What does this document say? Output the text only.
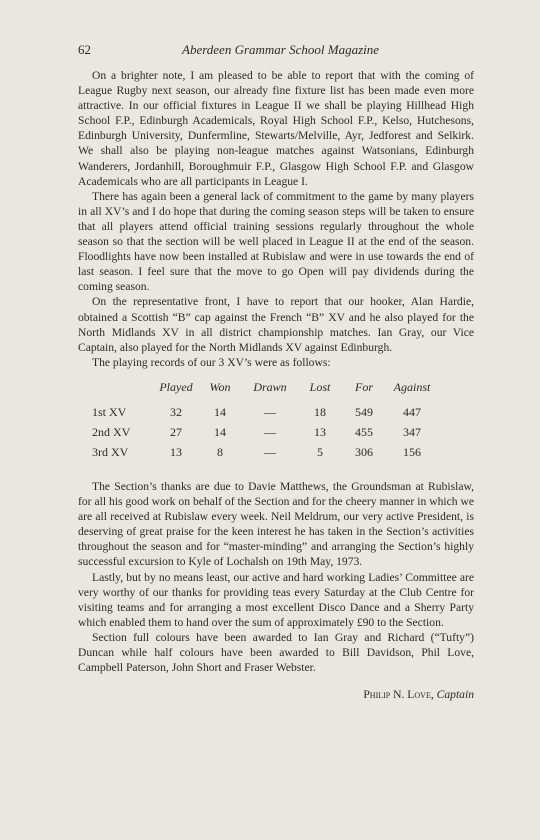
62	Aberdeen Grammar School Magazine

On a brighter note, I am pleased to be able to report that with the coming of League Rugby next season, our already fine fixture list has been made even more attractive. In our official fixtures in League II we shall be playing Hillhead High School F.P., Edinburgh Academicals, Royal High School F.P., Kelso, Hutchesons, Edinburgh University, Dunfermline, Stewarts/Melville, Ayr, Jedforest and Selkirk. We shall also be playing non-league matches against Watsonians, Edinburgh Wanderers, Jordanhill, Boroughmuir F.P., Glasgow High School F.P. and Glasgow Academicals who are all participants in League I.

There has again been a general lack of commitment to the game by many players in all XV’s and I do hope that during the coming season steps will be taken to ensure that all players attend official training sessions regularly throughout the whole season so that the section will be well placed in League II at the end of the season. Floodlights have now been installed at Rubislaw and were in use towards the end of last season. I feel sure that the move to go Open will pay dividends during the coming season.

On the representative front, I have to report that our hooker, Alan Hardie, obtained a Scottish “B” cap against the French “B” XV and he also played for the North Midlands XV in all district championship matches. Ian Gray, our Vice Captain, also played for the North Midlands XV against Edinburgh.

The playing records of our 3 XV’s were as follows:

	Played	Won	Drawn	Lost	For	Against
1st XV	32	14	—	18	549	447
2nd XV	27	14	—	13	455	347
3rd XV	13	8	—	5	306	156

The Section’s thanks are due to Davie Matthews, the Groundsman at Rubislaw, for all his good work on behalf of the Section and for the cheery manner in which we are all received at Rubislaw every week. Neil Meldrum, our very active President, is deserving of great praise for the keen interest he has taken in the Section’s activities throughout the season and for “master-minding” and arranging the Section’s highly successful excursion to Kyle of Lochalsh on 19th May, 1973.

Lastly, but by no means least, our active and hard working Ladies’ Committee are very worthy of our thanks for providing teas every Saturday at the Club Centre for visiting teams and for arranging a most excellent Disco Dance and a Sherry Party which enabled them to hand over the sum of approximately £90 to the Section.

Section full colours have been awarded to Ian Gray and Richard (“Tufty”) Duncan while half colours have been awarded to Bill Davidson, Phil Love, Campbell Paterson, John Short and Fraser Webster.

Philip N. Love, Captain
